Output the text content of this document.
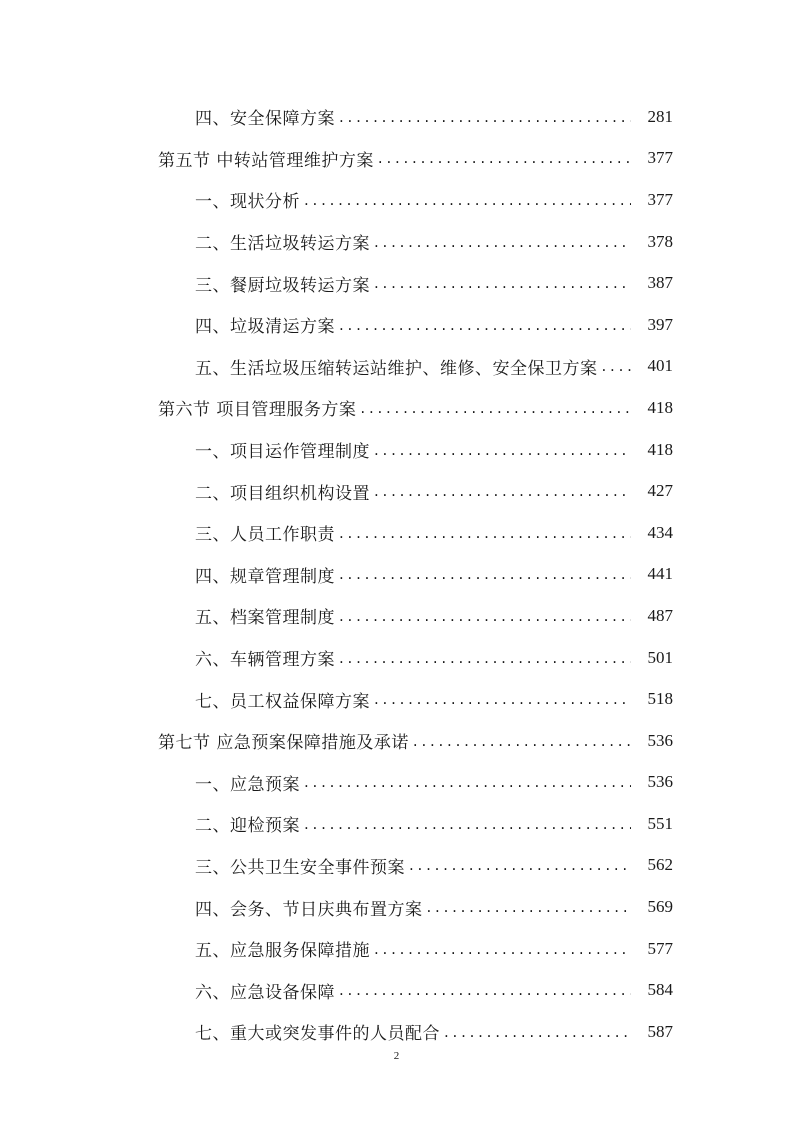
四、安全保障方案 . . .	281
第五节 中转站管理维护方案 . . .	377
一、现状分析 . . .	377
二、生活垃圾转运方案 . . .	378
三、餐厨垃圾转运方案 . . .	387
四、垃圾清运方案 . . .	397
五、生活垃圾压缩转运站维护、维修、安全保卫方案 . . .	401
第六节 项目管理服务方案 . . .	418
一、项目运作管理制度 . . .	418
二、项目组织机构设置 . . .	427
三、人员工作职责 . . .	434
四、规章管理制度 . . .	441
五、档案管理制度 . . .	487
六、车辆管理方案 . . .	501
七、员工权益保障方案 . . .	518
第七节 应急预案保障措施及承诺 . . .	536
一、应急预案 . . .	536
二、迎检预案 . . .	551
三、公共卫生安全事件预案 . . .	562
四、会务、节日庆典布置方案 . . .	569
五、应急服务保障措施 . . .	577
六、应急设备保障 . . .	584
七、重大或突发事件的人员配合 . . .	587
2
